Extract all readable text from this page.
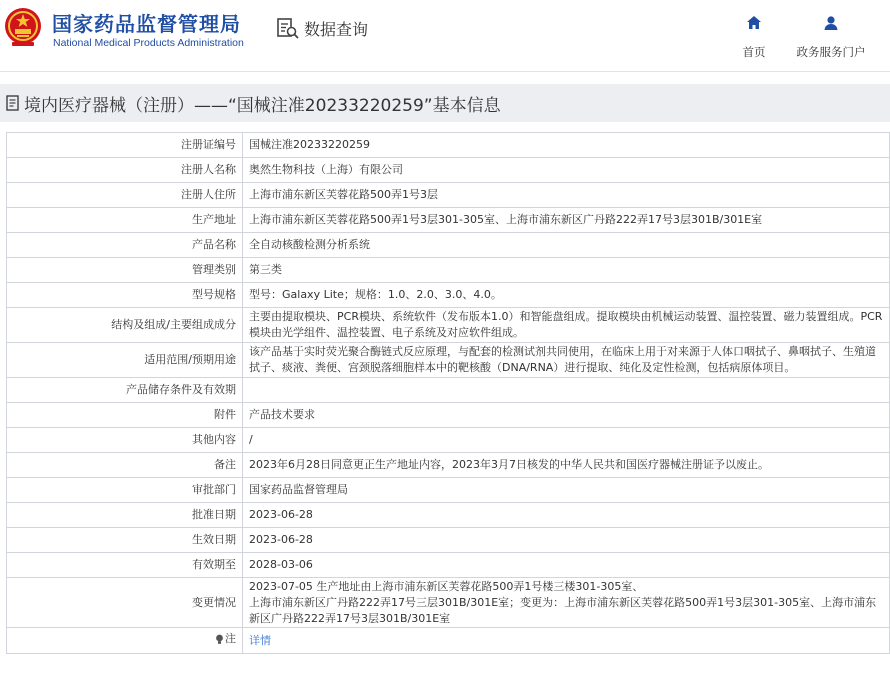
国家药品监督管理局
National Medical Products Administration
数据查询
首页	政务服务门户
境内医疗器械（注册）——“国械注准20233220259”基本信息
注册证编号	国械注准20233220259
注册人名称	奥然生物科技（上海）有限公司
注册人住所	上海市浦东新区芙蓉花路500弄1号3层
生产地址	上海市浦东新区芙蓉花路500弄1号3层301-305室、上海市浦东新区广丹路222弄17号3层301B/301E室
产品名称	全自动核酸检测分析系统
管理类别	第三类
型号规格	型号：Galaxy Lite；规格：1.0、2.0、3.0、4.0。
结构及组成/主要组成成分	主要由提取模块、PCR模块、系统软件（发布版本1.0）和智能盘组成。提取模块由机械运动装置、温控装置、磁力装置组成。PCR模块由光学组件、温控装置、电子系统及对应软件组成。
适用范围/预期用途	该产品基于实时荧光聚合酶链式反应原理，与配套的检测试剂共同使用，在临床上用于对来源于人体口咽拭子、鼻咽拭子、生殖道拭子、痰液、粪便、宫颈脱落细胞样本中的靶核酸（DNA/RNA）进行提取、纯化及定性检测，包括病原体项目。
产品储存条件及有效期	
附件	产品技术要求
其他内容	/
备注	2023年6月28日同意更正生产地址内容，2023年3月7日核发的中华人民共和国医疗器械注册证予以废止。
审批部门	国家药品监督管理局
批准日期	2023-06-28
生效日期	2023-06-28
有效期至	2028-03-06
变更情况	2023-07-05 生产地址由上海市浦东新区芙蓉花路500弄1号楼三楼301-305室、
上海市浦东新区广丹路222弄17号三层301B/301E室；变更为：上海市浦东新区芙蓉花路500弄1号3层301-305室、上海市浦东新区广丹路222弄17号3层301B/301E室

注	详情
